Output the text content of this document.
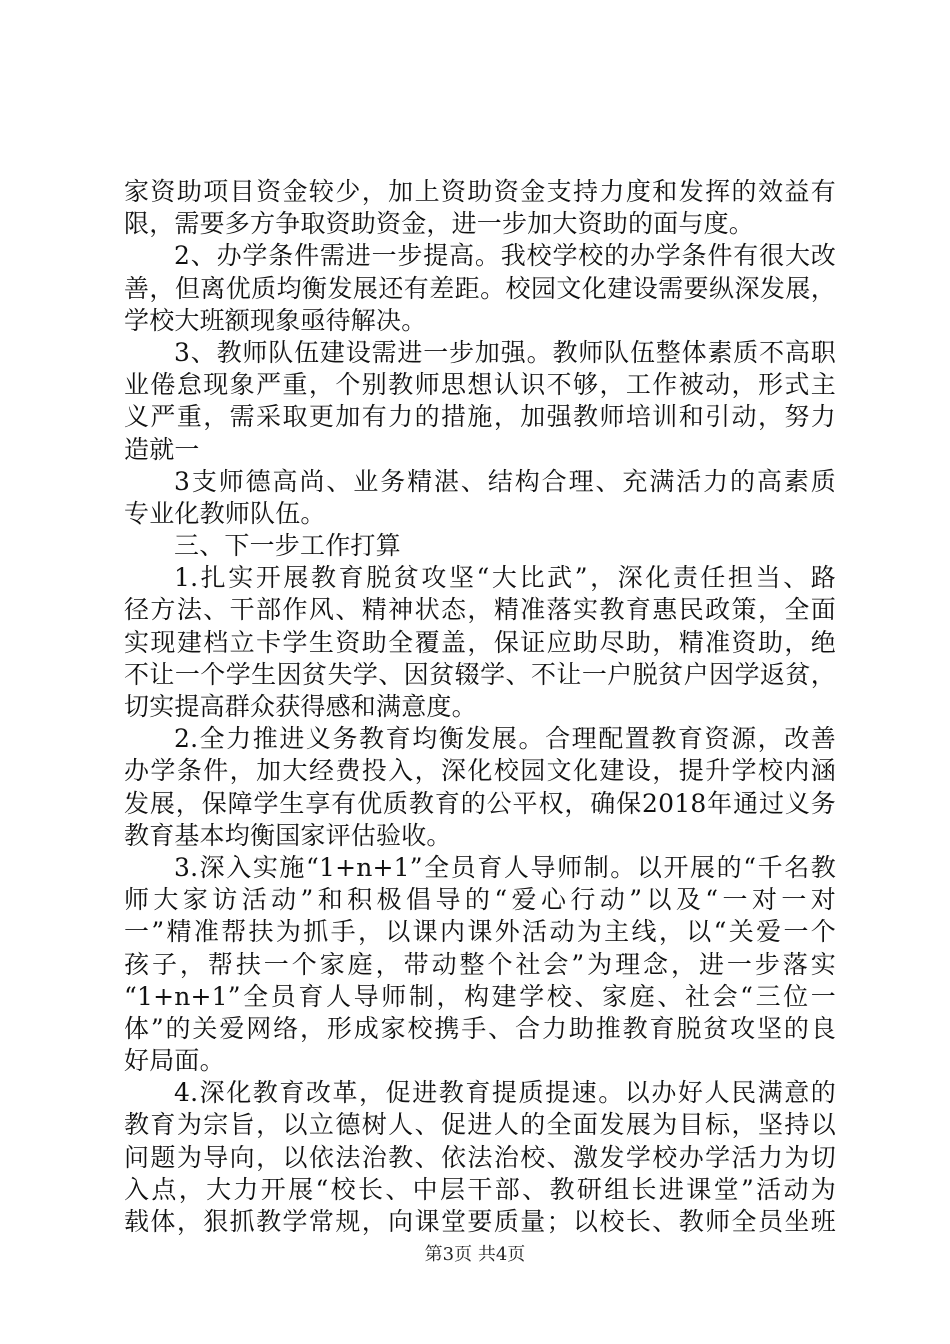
家资助项目资金较少，加上资助资金支持力度和发挥的效益有
限，需要多方争取资助资金，进一步加大资助的面与度。
2、办学条件需进一步提高。我校学校的办学条件有很大改
善，但离优质均衡发展还有差距。校园文化建设需要纵深发展，
学校大班额现象亟待解决。
3、教师队伍建设需进一步加强。教师队伍整体素质不高职
业倦怠现象严重，个别教师思想认识不够，工作被动，形式主
义严重，需采取更加有力的措施，加强教师培训和引动，努力
造就一
3支师德高尚、业务精湛、结构合理、充满活力的高素质
专业化教师队伍。
三、下一步工作打算
1.扎实开展教育脱贫攻坚“大比武”，深化责任担当、路
径方法、干部作风、精神状态，精准落实教育惠民政策，全面
实现建档立卡学生资助全覆盖，保证应助尽助，精准资助，绝
不让一个学生因贫失学、因贫辍学、不让一户脱贫户因学返贫，
切实提高群众获得感和满意度。
2.全力推进义务教育均衡发展。合理配置教育资源，改善
办学条件，加大经费投入，深化校园文化建设，提升学校内涵
发展，保障学生享有优质教育的公平权，确保2018年通过义务
教育基本均衡国家评估验收。
3.深入实施“1+n+1”全员育人导师制。以开展的“千名教
师大家访活动”和积极倡导的“爱心行动”以及“一对一对
一”精准帮扶为抓手，以课内课外活动为主线，以“关爱一个
孩子，帮扶一个家庭，带动整个社会”为理念，进一步落实
“1+n+1”全员育人导师制，构建学校、家庭、社会“三位一
体”的关爱网络，形成家校携手、合力助推教育脱贫攻坚的良
好局面。
4.深化教育改革，促进教育提质提速。以办好人民满意的
教育为宗旨，以立德树人、促进人的全面发展为目标，坚持以
问题为导向，以依法治教、依法治校、激发学校办学活力为切
入点，大力开展“校长、中层干部、教研组长进课堂”活动为
载体，狠抓教学常规，向课堂要质量；以校长、教师全员坐班
第3页 共4页
